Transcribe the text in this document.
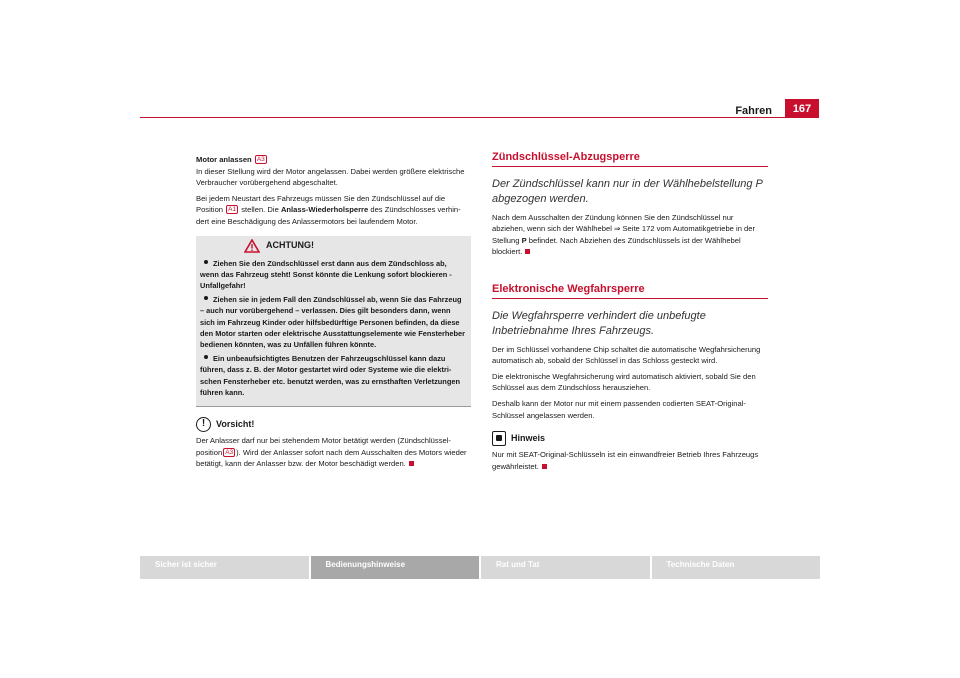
Fahren	167

Motor anlassen A3
In dieser Stellung wird der Motor angelassen. Dabei werden größere elektrische Verbraucher vorübergehend abgeschaltet.

Bei jedem Neustart des Fahrzeugs müssen Sie den Zündschlüssel auf die Position A1 stellen. Die Anlass-Wiederholsperre des Zündschlosses verhindert eine Beschädigung des Anlassermotors bei laufendem Motor.

ACHTUNG!
Ziehen Sie den Zündschlüssel erst dann aus dem Zündschloss ab, wenn das Fahrzeug steht! Sonst könnte die Lenkung sofort blockieren - Unfallgefahr!
Ziehen sie in jedem Fall den Zündschlüssel ab, wenn Sie das Fahrzeug – auch nur vorübergehend – verlassen. Dies gilt besonders dann, wenn sich im Fahrzeug Kinder oder hilfsbedürftige Personen befinden, da diese den Motor starten oder elektrische Ausstattungselemente wie Fensterheber bedienen könnten, was zu Unfällen führen könnte.
Ein unbeaufsichtigtes Benutzen der Fahrzeugschlüssel kann dazu führen, dass z. B. der Motor gestartet wird oder Systeme wie die elektrischen Fensterheber etc. benutzt werden, was zu ernsthaften Verletzungen führen kann.
!	Vorsicht!

Der Anlasser darf nur bei stehendem Motor betätigt werden (Zündschlüsselposition A3 ). Wird der Anlasser sofort nach dem Ausschalten des Motors wieder betätigt, kann der Anlasser bzw. der Motor beschädigt werden.

Zündschlüssel-Abzugsperre
Der Zündschlüssel kann nur in der Wählhebelstellung P abgezogen werden.

Nach dem Ausschalten der Zündung können Sie den Zündschlüssel nur abziehen, wenn sich der Wählhebel ⇒ Seite 172 vom Automatikgetriebe in der Stellung P befindet. Nach Abziehen des Zündschlüssels ist der Wählhebel blockiert.

Elektronische Wegfahrsperre
Die Wegfahrsperre verhindert die unbefugte Inbetriebnahme Ihres Fahrzeugs.

Der im Schlüssel vorhandene Chip schaltet die automatische Wegfahrsicherung automatisch ab, sobald der Schlüssel in das Schloss gesteckt wird.

Die elektronische Wegfahrsicherung wird automatisch aktiviert, sobald Sie den Schlüssel aus dem Zündschloss herausziehen.

Deshalb kann der Motor nur mit einem passenden codierten SEAT-Original-Schlüssel angelassen werden.

Hinweis

Nur mit SEAT-Original-Schlüsseln ist ein einwandfreier Betrieb Ihres Fahrzeugs gewährleistet.

Sicher ist sicher	Bedienungshinweise	Rat und Tat	Technische Daten
